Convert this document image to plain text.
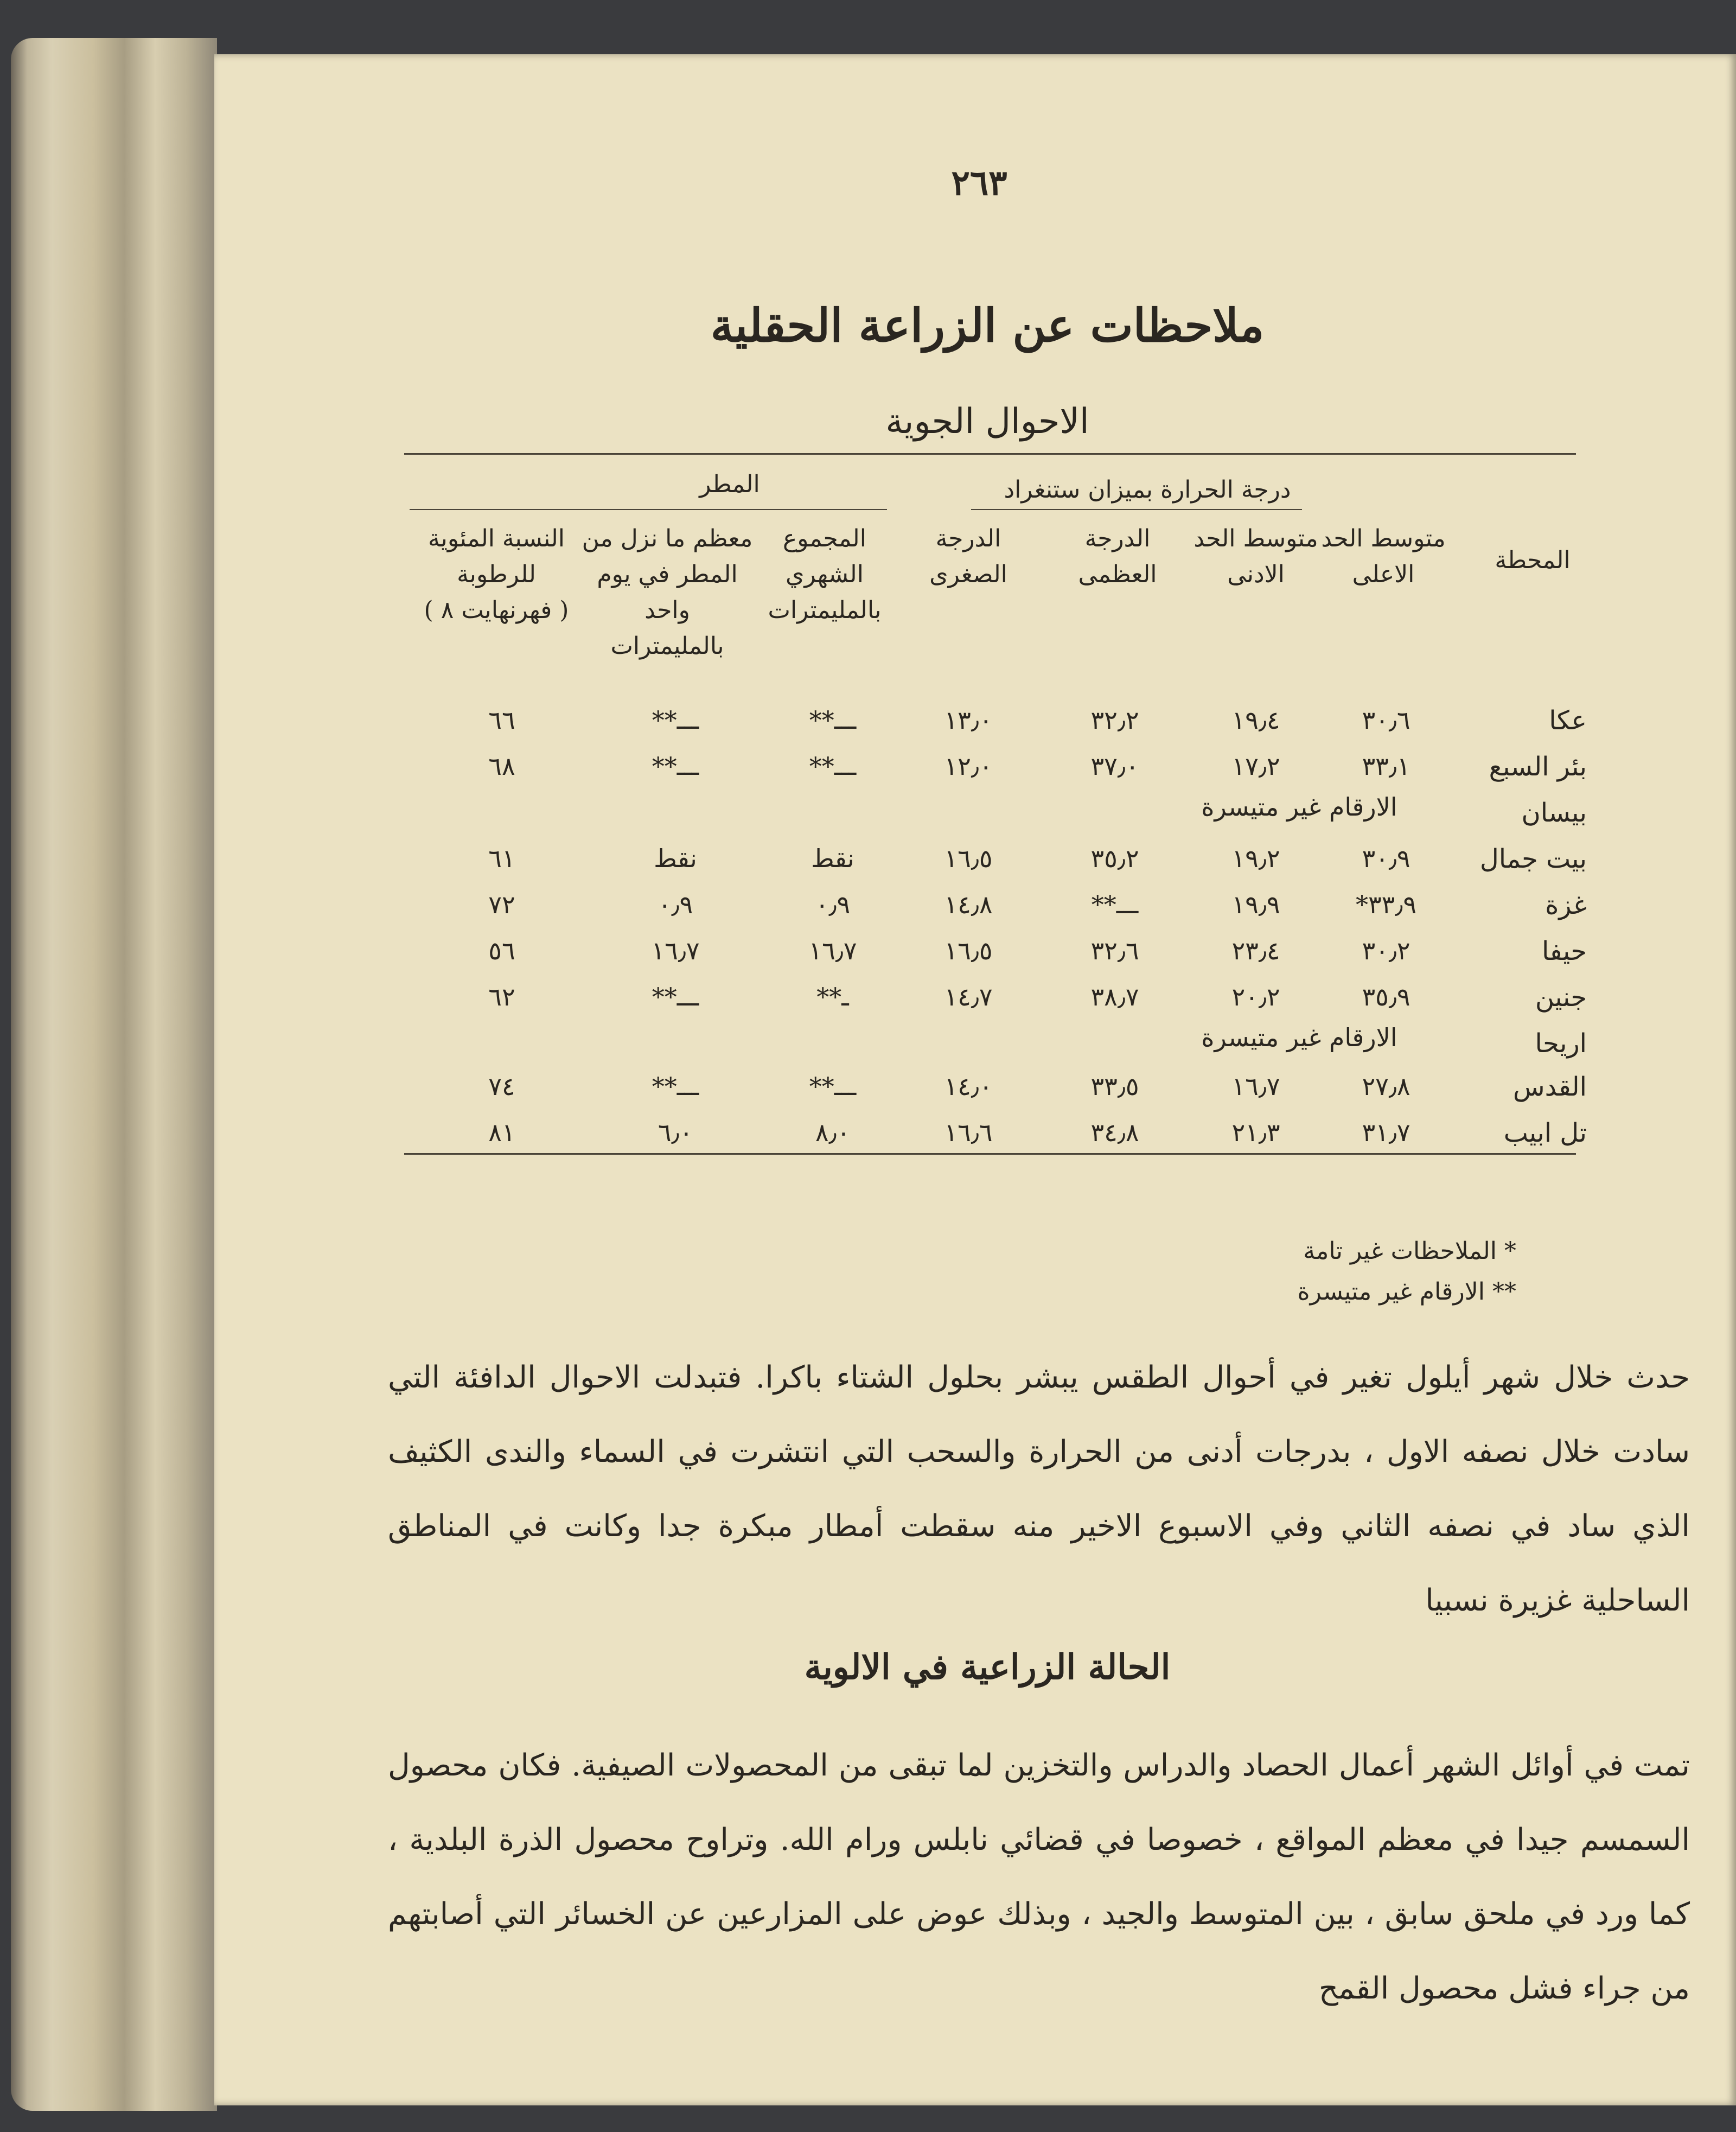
٢٦٣
ملاحظات عن الزراعة الحقلية
الاحوال الجوية
درجة الحرارة بميزان ستنغراد
المطر
المحطة
متوسط الحد
الاعلى
متوسط الحد
الادنى
الدرجة
العظمى
الدرجة
الصغرى
المجموع
الشهري
بالمليمترات
معظم ما نزل من
المطر في يوم واحد
بالمليمترات
النسبة المئوية
للرطوبة
( فهرنهايت ٨ )
عكا
٣٠٫٦
١٩٫٤
٣٢٫٢
١٣٫٠
**ـــ
**ـــ
٦٦
بئر السبع
٣٣٫١
١٧٫٢
٣٧٫٠
١٢٫٠
**ـــ
**ـــ
٦٨
بيسان
الارقام غير متيسرة
بيت جمال
٣٠٫٩
١٩٫٢
٣٥٫٢
١٦٫٥
نقط
نقط
٦١
غزة
*٣٣٫٩
١٩٫٩
**ـــ
١٤٫٨
٠٫٩
٠٫٩
٧٢
حيفا
٣٠٫٢
٢٣٫٤
٣٢٫٦
١٦٫٥
١٦٫٧
١٦٫٧
٥٦
جنين
٣٥٫٩
٢٠٫٢
٣٨٫٧
١٤٫٧
**ـ
**ـــ
٦٢
اريحا
الارقام غير متيسرة
القدس
٢٧٫٨
١٦٫٧
٣٣٫٥
١٤٫٠
**ـــ
**ـــ
٧٤
تل ابيب
٣١٫٧
٢١٫٣
٣٤٫٨
١٦٫٦
٨٫٠
٦٫٠
٨١
* الملاحظات غير تامة
** الارقام غير متيسرة
حدث خلال شهر أيلول تغير في أحوال الطقس يبشر بحلول الشتاء باكرا. فتبدلت الاحوال الدافئة التي سادت خلال نصفه الاول ، بدرجات أدنى من الحرارة والسحب التي انتشرت في السماء والندى الكثيف الذي ساد في نصفه الثاني وفي الاسبوع الاخير منه سقطت أمطار مبكرة جدا وكانت في المناطق الساحلية غزيرة نسبيا
الحالة الزراعية في الالوية
تمت في أوائل الشهر أعمال الحصاد والدراس والتخزين لما تبقى من المحصولات الصيفية. فكان محصول السمسم جيدا في معظم المواقع ، خصوصا في قضائي نابلس ورام الله. وتراوح محصول الذرة البلدية ، كما ورد في ملحق سابق ، بين المتوسط والجيد ، وبذلك عوض على المزارعين عن الخسائر التي أصابتهم من جراء فشل محصول القمح
